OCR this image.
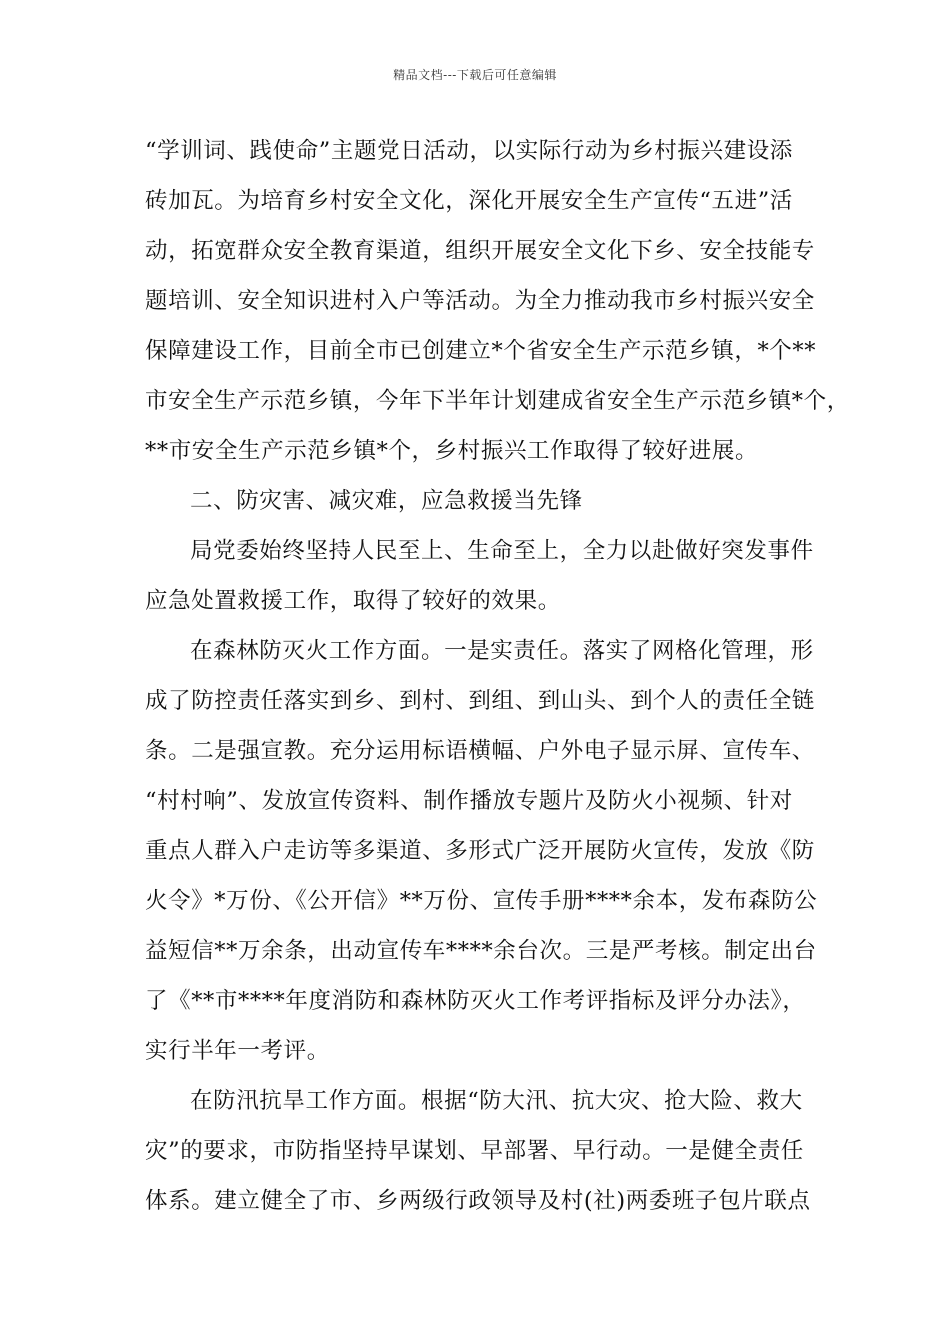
精品文档---下载后可任意编辑
“学训词、践使命”主题党日活动，以实际行动为乡村振兴建设添
砖加瓦。为培育乡村安全文化，深化开展安全生产宣传“五进”活
动，拓宽群众安全教育渠道，组织开展安全文化下乡、安全技能专
题培训、安全知识进村入户等活动。为全力推动我市乡村振兴安全
保障建设工作，目前全市已创建立*个省安全生产示范乡镇，*个**
市安全生产示范乡镇，今年下半年计划建成省安全生产示范乡镇*个，
**市安全生产示范乡镇*个，乡村振兴工作取得了较好进展。
二、防灾害、减灾难，应急救援当先锋
局党委始终坚持人民至上、生命至上，全力以赴做好突发事件
应急处置救援工作，取得了较好的效果。
在森林防灭火工作方面。一是实责任。落实了网格化管理，形
成了防控责任落实到乡、到村、到组、到山头、到个人的责任全链
条。二是强宣教。充分运用标语横幅、户外电子显示屏、宣传车、
“村村响”、发放宣传资料、制作播放专题片及防火小视频、针对
重点人群入户走访等多渠道、多形式广泛开展防火宣传，发放《防
火令》*万份、《公开信》**万份、宣传手册****余本，发布森防公
益短信**万余条，出动宣传车****余台次。三是严考核。制定出台
了《**市****年度消防和森林防灭火工作考评指标及评分办法》，
实行半年一考评。
在防汛抗旱工作方面。根据“防大汛、抗大灾、抢大险、救大
灾”的要求，市防指坚持早谋划、早部署、早行动。一是健全责任
体系。建立健全了市、乡两级行政领导及村(社)两委班子包片联点
